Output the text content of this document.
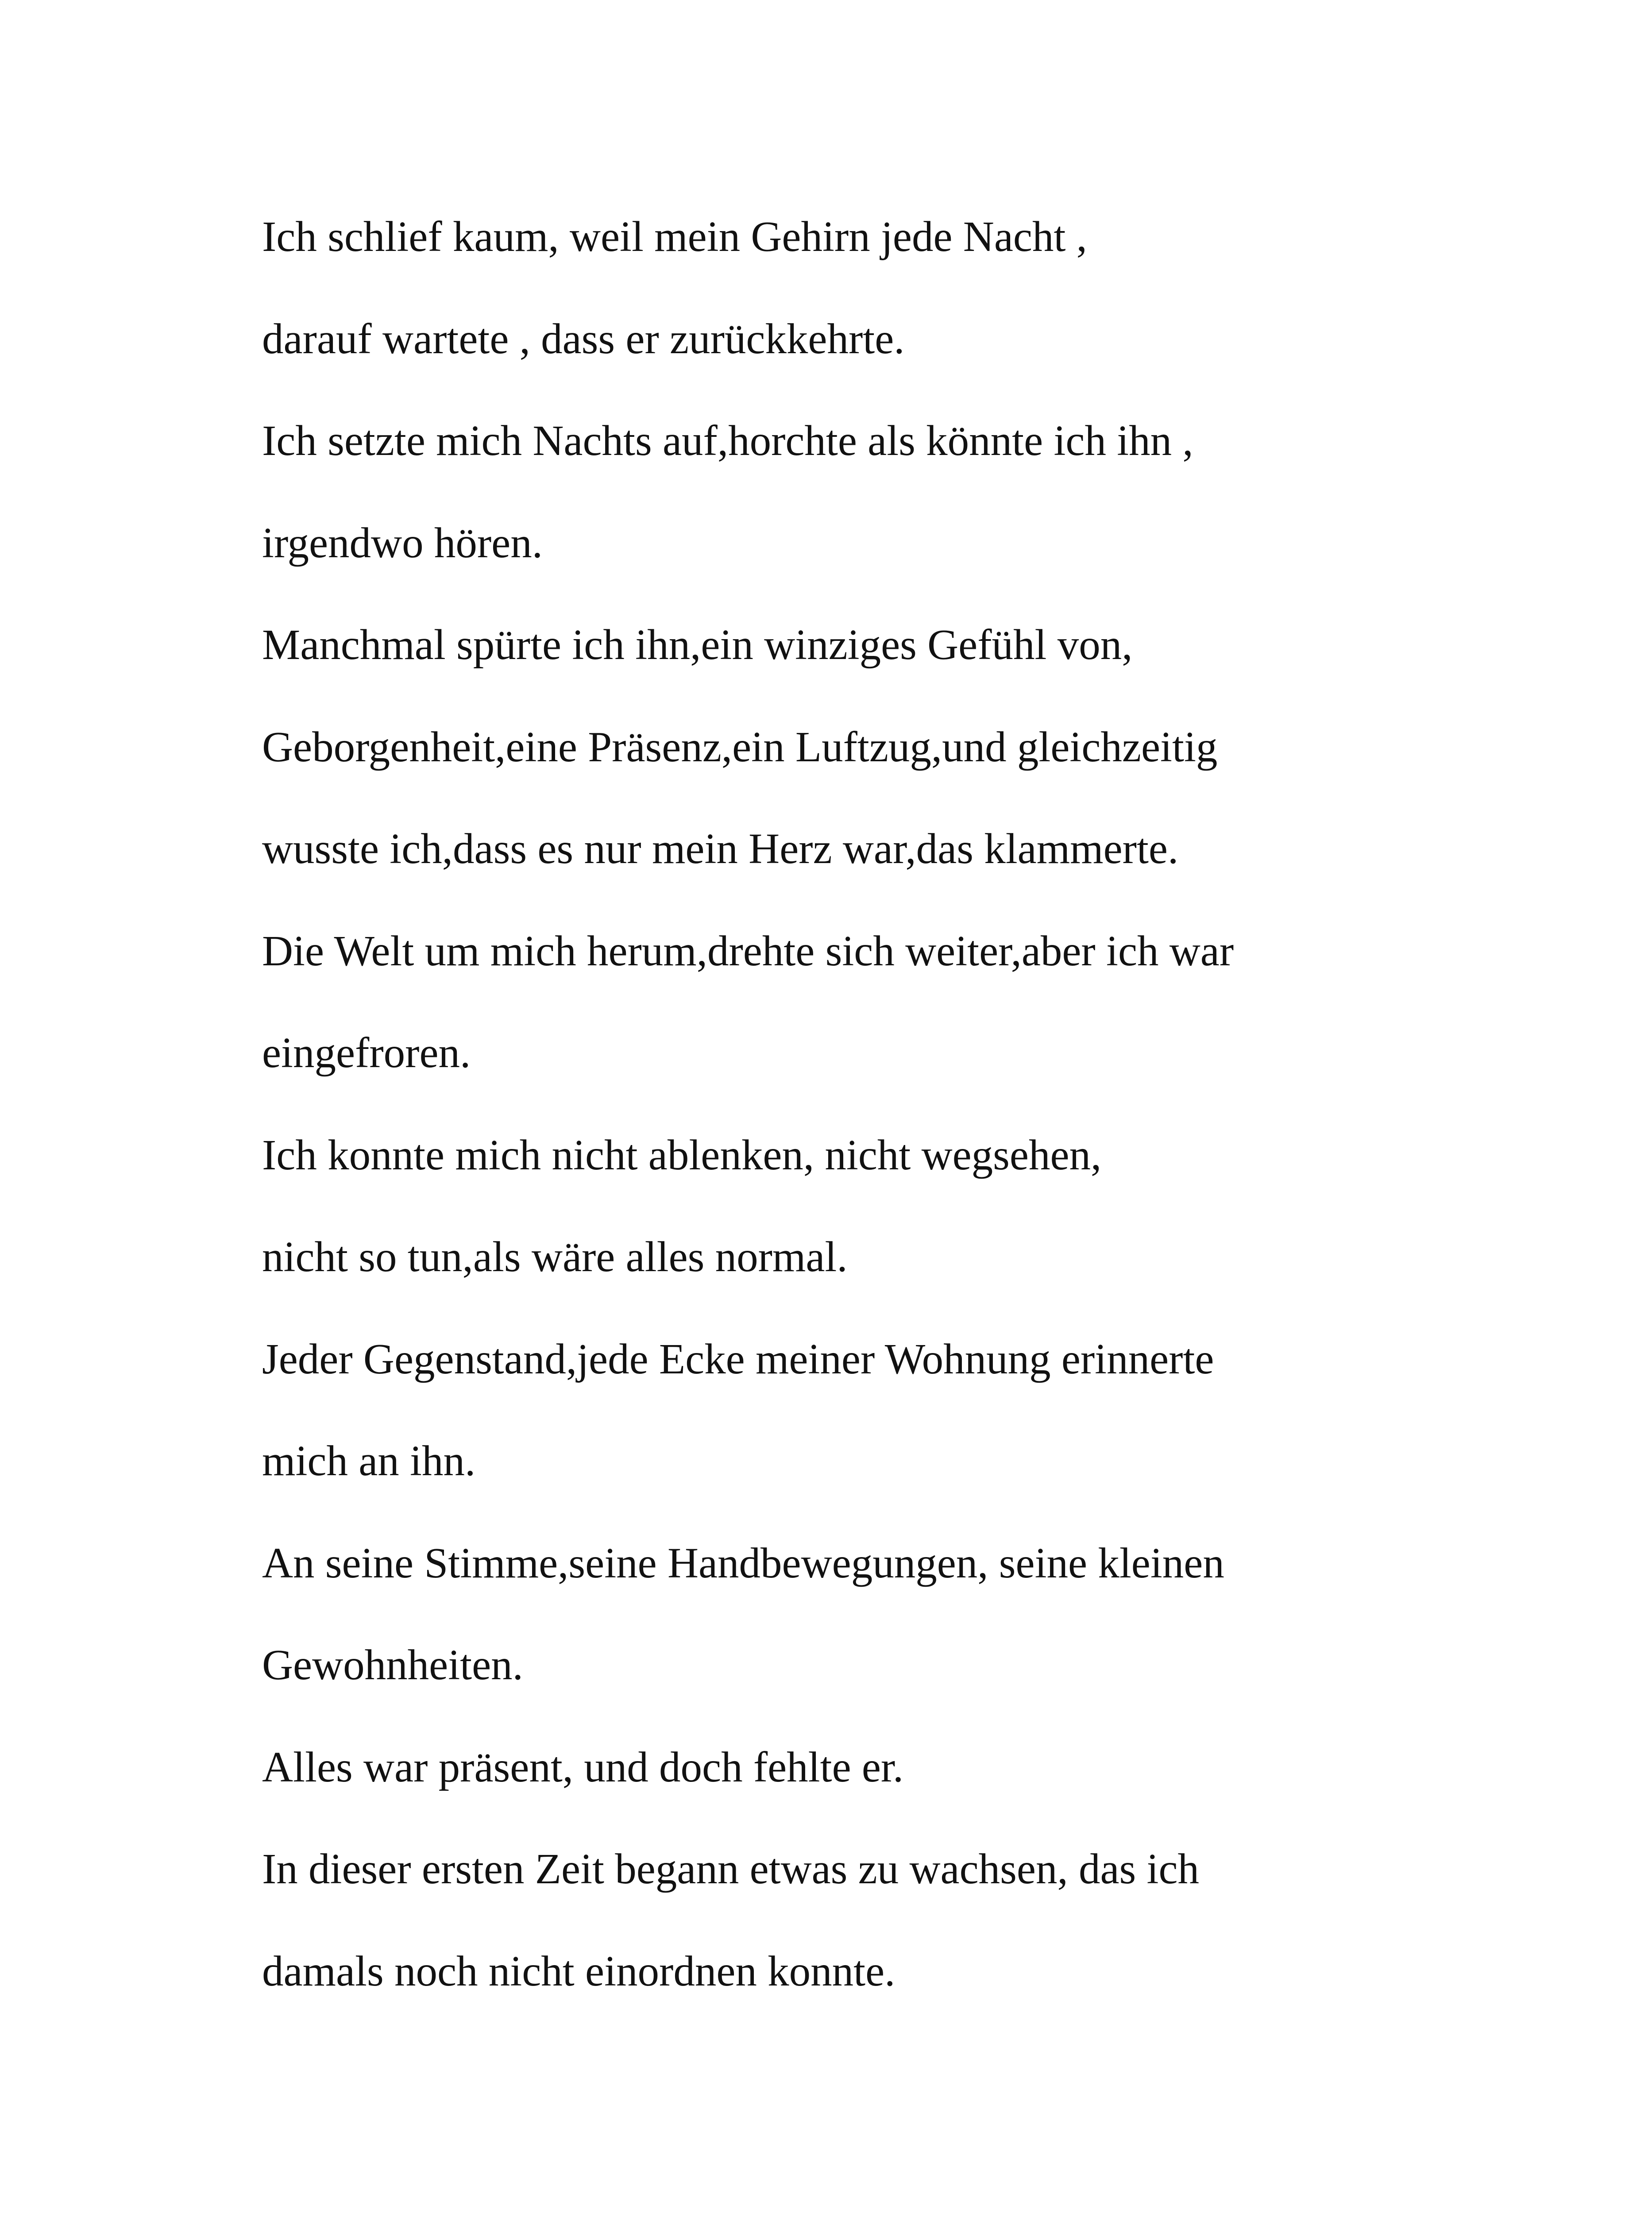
Ich schlief kaum, weil mein Gehirn jede Nacht ,
darauf wartete , dass er zurückkehrte.
Ich setzte mich Nachts auf,horchte als könnte ich ihn ,
irgendwo hören.
Manchmal spürte ich ihn,ein winziges Gefühl von,
Geborgenheit,eine Präsenz,ein Luftzug,und gleichzeitig
wusste ich,dass es nur mein Herz war,das klammerte.
Die Welt um mich herum,drehte sich weiter,aber ich war
eingefroren.
Ich konnte mich nicht ablenken, nicht wegsehen,
nicht so tun,als wäre alles normal.
Jeder Gegenstand,jede Ecke meiner Wohnung erinnerte
mich an ihn.
An seine Stimme,seine Handbewegungen, seine kleinen
Gewohnheiten.
Alles war präsent, und doch fehlte er.
In dieser ersten Zeit begann etwas zu wachsen, das ich
damals noch nicht einordnen konnte.
